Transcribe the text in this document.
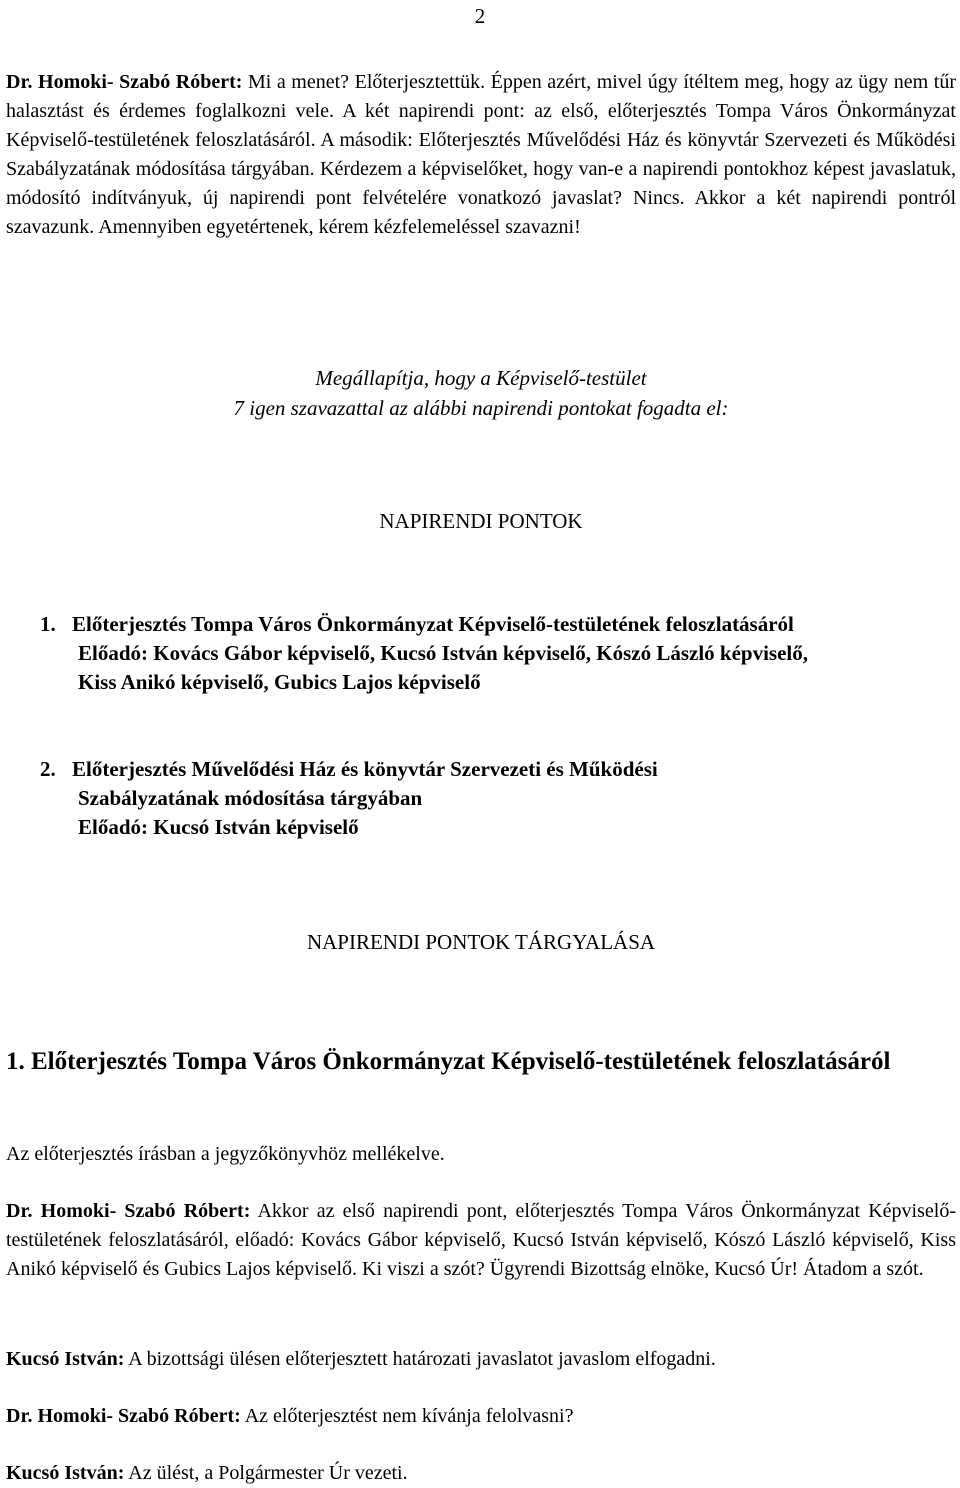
2
Dr. Homoki- Szabó Róbert: Mi a menet? Előterjesztettük. Éppen azért, mivel úgy ítéltem meg, hogy az ügy nem tűr halasztást és érdemes foglalkozni vele. A két napirendi pont: az első, előterjesztés Tompa Város Önkormányzat Képviselő-testületének feloszlatásáról. A második: Előterjesztés Művelődési Ház és könyvtár Szervezeti és Működési Szabályzatának módosítása tárgyában. Kérdezem a képviselőket, hogy van-e a napirendi pontokhoz képest javaslatuk, módosító indítványuk, új napirendi pont felvételére vonatkozó javaslat? Nincs. Akkor a két napirendi pontról szavazunk. Amennyiben egyetértenek, kérem kézfelemeléssel szavazni!
Megállapítja, hogy a Képviselő-testület
7 igen szavazattal az alábbi napirendi pontokat fogadta el:
NAPIRENDI PONTOK
1. Előterjesztés Tompa Város Önkormányzat Képviselő-testületének feloszlatásáról
Előadó: Kovács Gábor képviselő, Kucsó István képviselő, Kószó László képviselő,
Kiss Anikó képviselő, Gubics Lajos képviselő
2. Előterjesztés Művelődési Ház és könyvtár Szervezeti és Működési
Szabályzatának módosítása tárgyában
Előadó: Kucsó István képviselő
NAPIRENDI PONTOK TÁRGYALÁSA
1. Előterjesztés Tompa Város Önkormányzat Képviselő-testületének feloszlatásáról
Az előterjesztés írásban a jegyzőkönyvhöz mellékelve.
Dr. Homoki- Szabó Róbert: Akkor az első napirendi pont, előterjesztés Tompa Város Önkormányzat Képviselő-testületének feloszlatásáról, előadó: Kovács Gábor képviselő, Kucsó István képviselő, Kószó László képviselő, Kiss Anikó képviselő és Gubics Lajos képviselő. Ki viszi a szót? Ügyrendi Bizottság elnöke, Kucsó Úr! Átadom a szót.
Kucsó István: A bizottsági ülésen előterjesztett határozati javaslatot javaslom elfogadni.
Dr. Homoki- Szabó Róbert: Az előterjesztést nem kívánja felolvasni?
Kucsó István: Az ülést, a Polgármester Úr vezeti.
